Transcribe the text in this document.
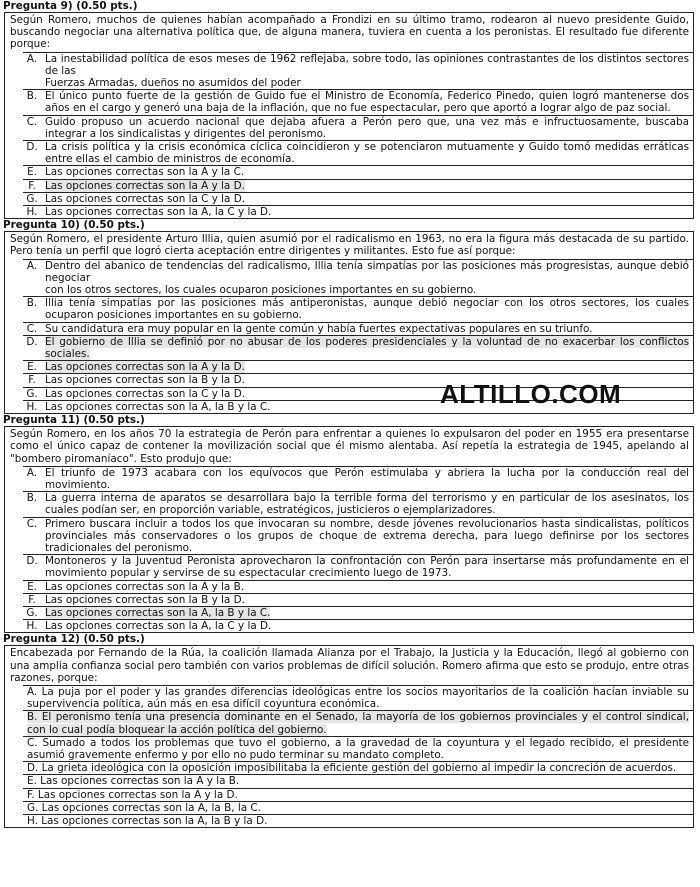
Pregunta 9) (0.50 pts.)
Según Romero, muchos de quienes habían acompañado a Frondizi en su último tramo, rodearon al nuevo presidente Guido, buscando negociar una alternativa política que, de alguna manera, tuviera en cuenta a los peronistas. El resultado fue diferente porque:
A. La inestabilidad política de esos meses de 1962 reflejaba, sobre todo, las opiniones contrastantes de los distintos sectores de las
Fuerzas Armadas, dueños no asumidos del poder
B. El único punto fuerte de la gestión de Guido fue el Ministro de Economía, Federico Pinedo, quien logró mantenerse dos años en el cargo y generó una baja de la inflación, que no fue espectacular, pero que aportó a lograr algo de paz social.
C. Guido propuso un acuerdo nacional que dejaba afuera a Perón pero que, una vez más e infructuosamente, buscaba integrar a los sindicalistas y dirigentes del peronismo.
D. La crisis política y la crisis económica cíclica coincidieron y se potenciaron mutuamente y Guido tomó medidas erráticas entre ellas el cambio de ministros de economía.
E. Las opciones correctas son la A y la C.
F. Las opciones correctas son la A y la D.
G. Las opciones correctas son la C y la D.
H. Las opciones correctas son la A, la C y la D.
Pregunta 10) (0.50 pts.)
Según Romero, el presidente Arturo Illia, quien asumió por el radicalismo en 1963, no era la figura más destacada de su partido. Pero tenía un perfil que logró cierta aceptación entre dirigentes y militantes. Esto fue así porque:
A. Dentro del abanico de tendencias del radicalismo, Illia tenía simpatías por las posiciones más progresistas, aunque debió negociar
con los otros sectores, los cuales ocuparon posiciones importantes en su gobierno.
B. Illia tenía simpatías por las posiciones más antiperonistas, aunque debió negociar con los otros sectores, los cuales ocuparon posiciones importantes en su gobierno.
C. Su candidatura era muy popular en la gente común y había fuertes expectativas populares en su triunfo.
D. El gobierno de Illia se definió por no abusar de los poderes presidenciales y la voluntad de no exacerbar los conflictos sociales.
E. Las opciones correctas son la A y la D.
F. Las opciones correctas son la B y la D.
G. Las opciones correctas son la C y la D.
H. Las opciones correctas son la A, la B y la C.
Pregunta 11) (0.50 pts.)
Según Romero, en los años 70 la estrategia de Perón para enfrentar a quienes lo expulsaron del poder en 1955 era presentarse como el único capaz de contener la movilización social que él mismo alentaba. Así repetía la estrategia de 1945, apelando al "bombero piromaníaco". Esto produjo que:
A. El triunfo de 1973 acabara con los equívocos que Perón estimulaba y abriera la lucha por la conducción real del movimiento.
B. La guerra interna de aparatos se desarrollara bajo la terrible forma del terrorismo y en particular de los asesinatos, los cuales podían ser, en proporción variable, estratégicos, justicieros o ejemplarizadores.
C. Primero buscara incluir a todos los que invocaran su nombre, desde jóvenes revolucionarios hasta sindicalistas, políticos provinciales más conservadores o los grupos de choque de extrema derecha, para luego definirse por los sectores tradicionales del peronismo.
D. Montoneros y la Juventud Peronista aprovecharon la confrontación con Perón para insertarse más profundamente en el movimiento popular y servirse de su espectacular crecimiento luego de 1973.
E. Las opciones correctas son la A y la B.
F. Las opciones correctas son la B y la D.
G. Las opciones correctas son la A, la B y la C.
H. Las opciones correctas son la A, la C y la D.
Pregunta 12) (0.50 pts.)
Encabezada por Fernando de la Rúa, la coalición llamada Alianza por el Trabajo, la Justicia y la Educación, llegó al gobierno con una amplia confianza social pero también con varios problemas de difícil solución. Romero afirma que esto se produjo, entre otras razones, porque:
A. La puja por el poder y las grandes diferencias ideológicas entre los socios mayoritarios de la coalición hacían inviable su supervivencia política, aún más en esa difícil coyuntura económica.
B. El peronismo tenía una presencia dominante en el Senado, la mayoría de los gobiernos provinciales y el control sindical, con lo cual podía bloquear la acción política del gobierno.
C. Sumado a todos los problemas que tuvo el gobierno, a la gravedad de la coyuntura y el legado recibido, el presidente asumió gravemente enfermo y por ello no pudo terminar su mandato completo.
D. La grieta ideológica con la oposición imposibilitaba la eficiente gestión del gobierno al impedir la concreción de acuerdos.
E. Las opciones correctas son la A y la B.
F. Las opciones correctas son la A y la D.
G. Las opciones correctas son la A, la B, la C.
H. Las opciones correctas son la A, la B y la D.
ALTILLO.COM
